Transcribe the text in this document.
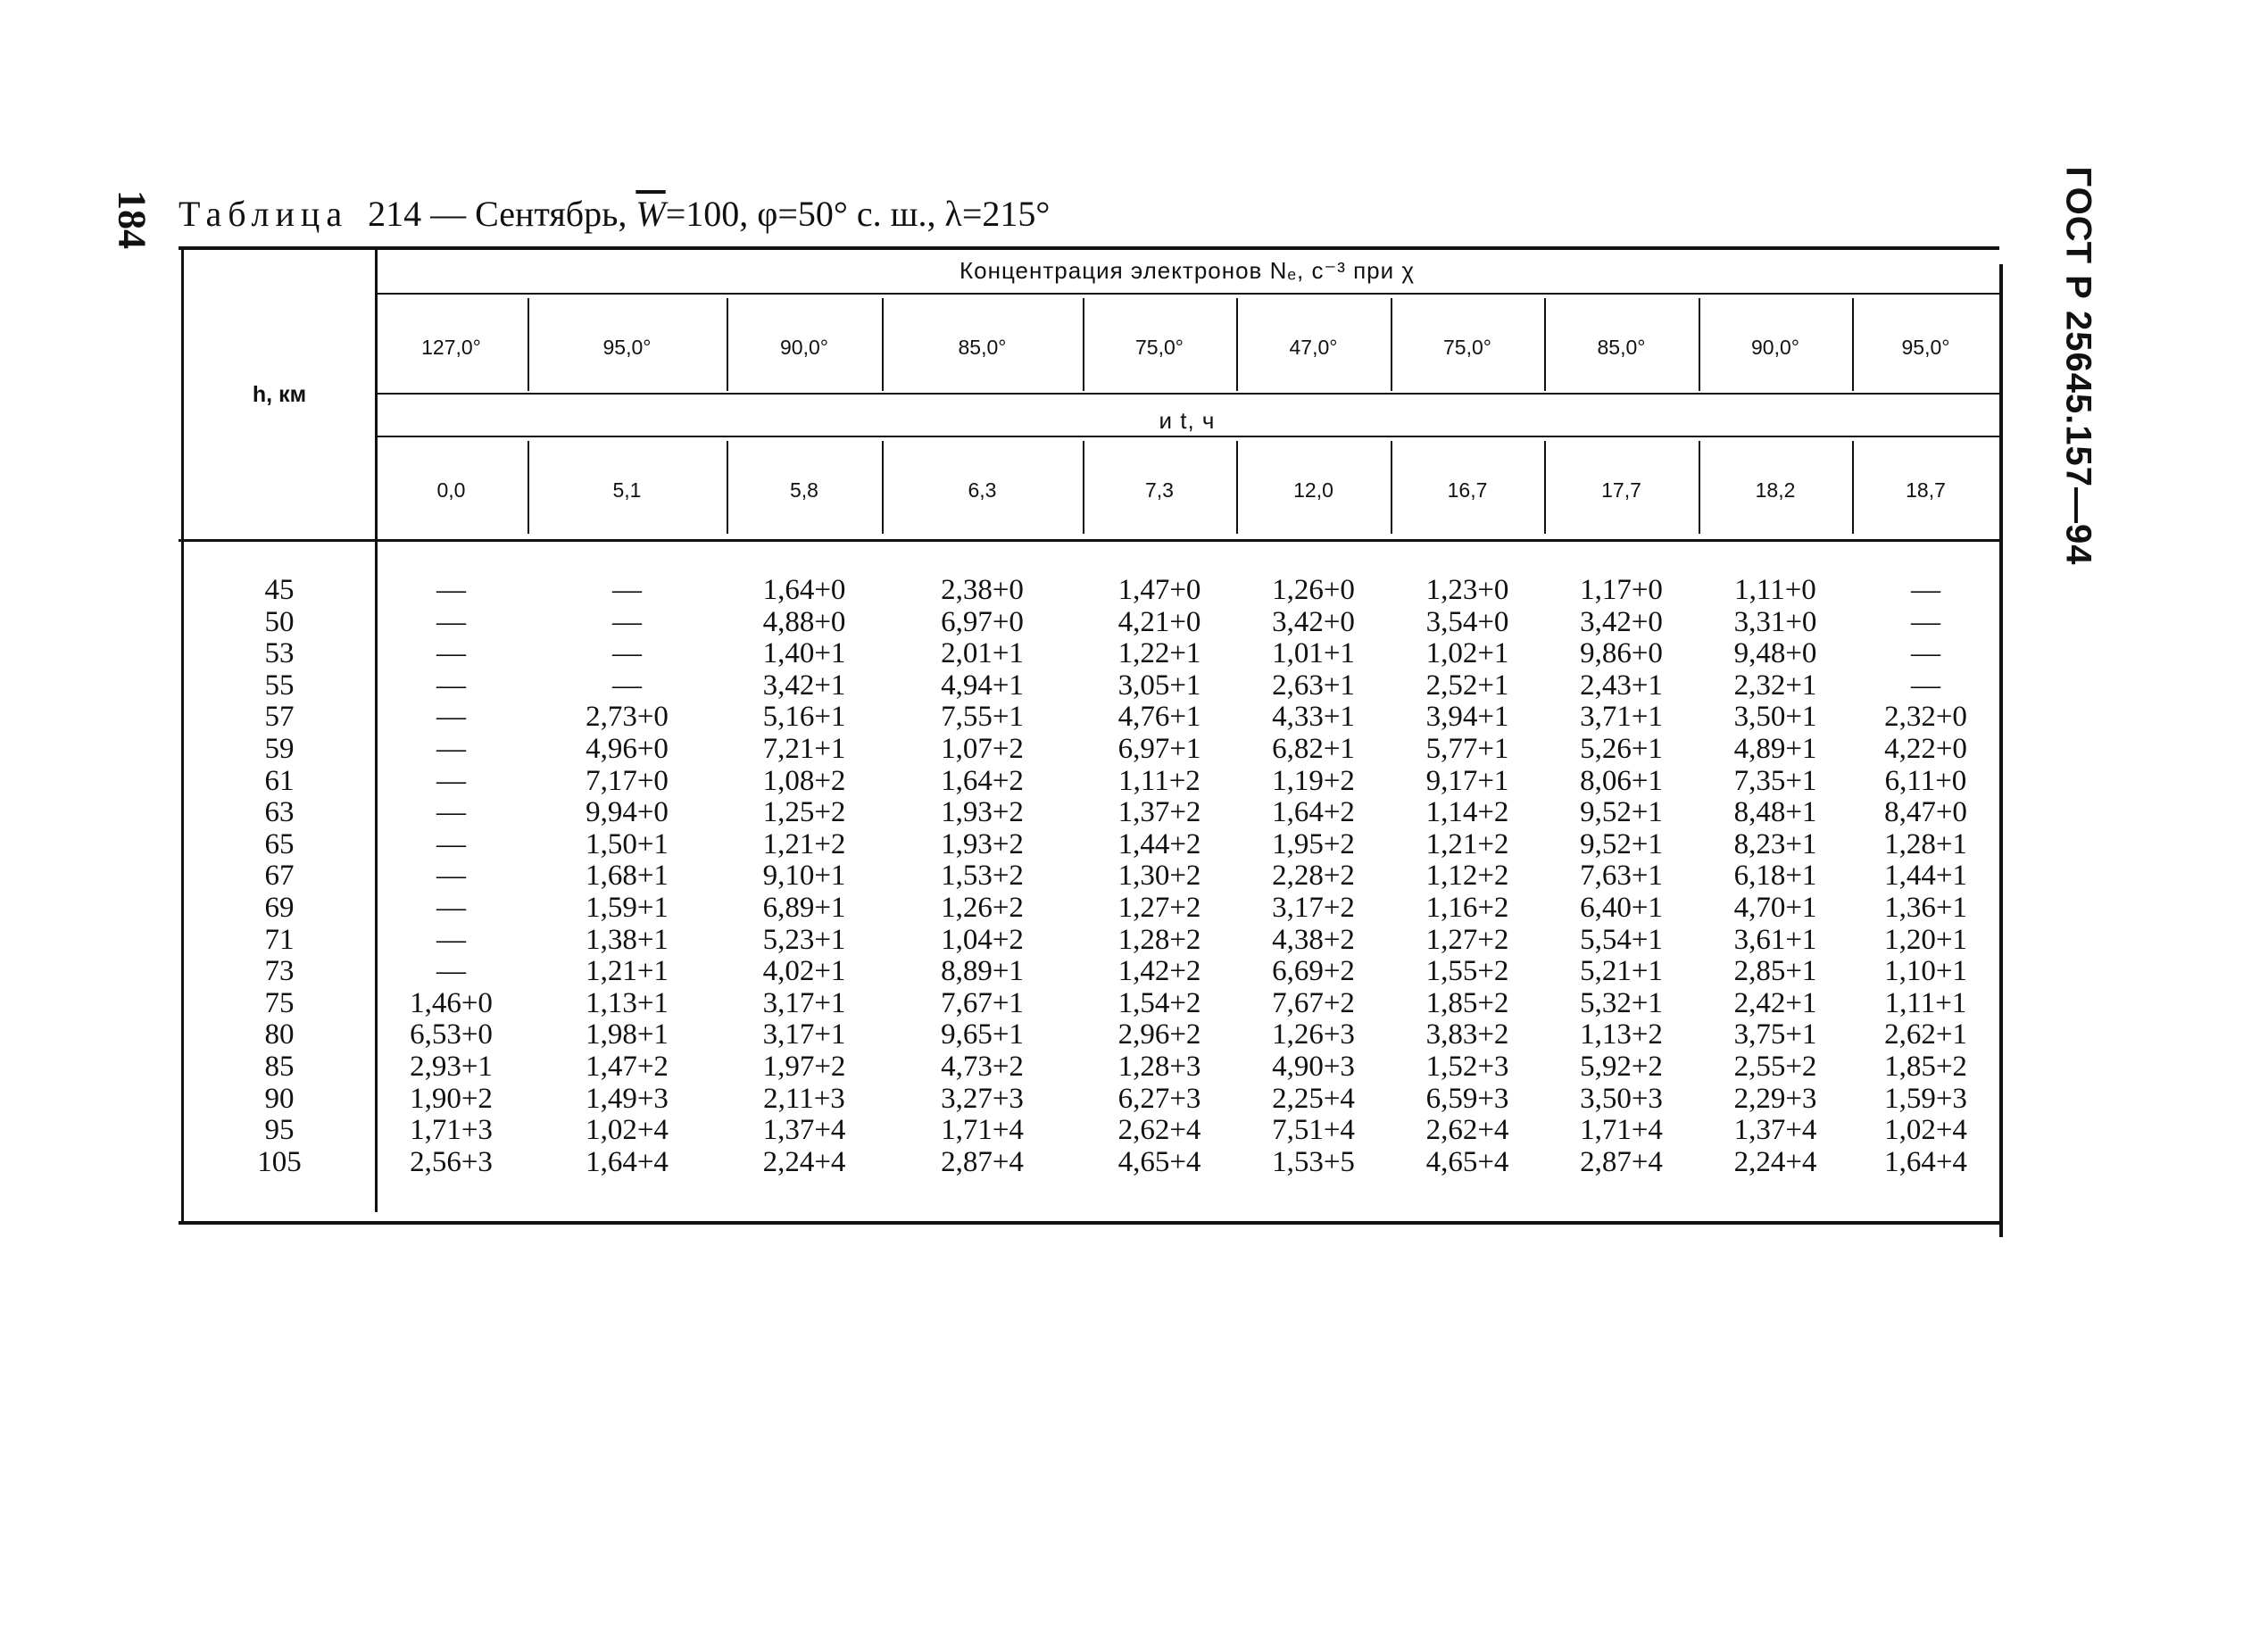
184	ГОСТ Р 25645.157—94
Таблица 214 — Сентябрь, $\overline{W}=100$, φ=50° с. ш., λ=215°
h, км
Концентрация электронов Nₑ, с⁻³ при χ
и t, ч
127,0°	95,0°	90,0°	85,0°	75,0°	47,0°	75,0°	85,0°	90,0°	95,0°
0,0	5,1	5,8	6,3	7,3	12,0	16,7	17,7	18,2	18,7
45	—	—	1,64+0	2,38+0	1,47+0	1,26+0	1,23+0	1,17+0	1,11+0	—
50	—	—	4,88+0	6,97+0	4,21+0	3,42+0	3,54+0	3,42+0	3,31+0	—
53	—	—	1,40+1	2,01+1	1,22+1	1,01+1	1,02+1	9,86+0	9,48+0	—
55	—	—	3,42+1	4,94+1	3,05+1	2,63+1	2,52+1	2,43+1	2,32+1	—
57	—	2,73+0	5,16+1	7,55+1	4,76+1	4,33+1	3,94+1	3,71+1	3,50+1	2,32+0
59	—	4,96+0	7,21+1	1,07+2	6,97+1	6,82+1	5,77+1	5,26+1	4,89+1	4,22+0
61	—	7,17+0	1,08+2	1,64+2	1,11+2	1,19+2	9,17+1	8,06+1	7,35+1	6,11+0
63	—	9,94+0	1,25+2	1,93+2	1,37+2	1,64+2	1,14+2	9,52+1	8,48+1	8,47+0
65	—	1,50+1	1,21+2	1,93+2	1,44+2	1,95+2	1,21+2	9,52+1	8,23+1	1,28+1
67	—	1,68+1	9,10+1	1,53+2	1,30+2	2,28+2	1,12+2	7,63+1	6,18+1	1,44+1
69	—	1,59+1	6,89+1	1,26+2	1,27+2	3,17+2	1,16+2	6,40+1	4,70+1	1,36+1
71	—	1,38+1	5,23+1	1,04+2	1,28+2	4,38+2	1,27+2	5,54+1	3,61+1	1,20+1
73	—	1,21+1	4,02+1	8,89+1	1,42+2	6,69+2	1,55+2	5,21+1	2,85+1	1,10+1
75	1,46+0	1,13+1	3,17+1	7,67+1	1,54+2	7,67+2	1,85+2	5,32+1	2,42+1	1,11+1
80	6,53+0	1,98+1	3,17+1	9,65+1	2,96+2	1,26+3	3,83+2	1,13+2	3,75+1	2,62+1
85	2,93+1	1,47+2	1,97+2	4,73+2	1,28+3	4,90+3	1,52+3	5,92+2	2,55+2	1,85+2
90	1,90+2	1,49+3	2,11+3	3,27+3	6,27+3	2,25+4	6,59+3	3,50+3	2,29+3	1,59+3
95	1,71+3	1,02+4	1,37+4	1,71+4	2,62+4	7,51+4	2,62+4	1,71+4	1,37+4	1,02+4
105	2,56+3	1,64+4	2,24+4	2,87+4	4,65+4	1,53+5	4,65+4	2,87+4	2,24+4	1,64+4
